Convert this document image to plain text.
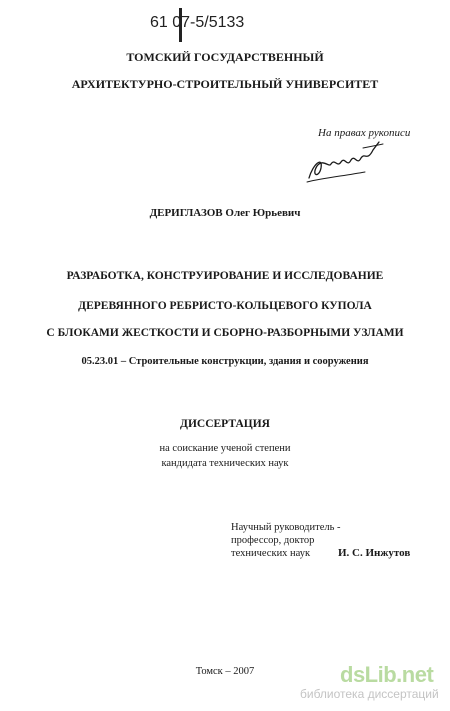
61 07-5/5133
ТОМСКИЙ ГОСУДАРСТВЕННЫЙ
АРХИТЕКТУРНО-СТРОИТЕЛЬНЫЙ УНИВЕРСИТЕТ
На правах рукописи
ДЕРИГЛАЗОВ Олег Юрьевич
РАЗРАБОТКА, КОНСТРУИРОВАНИЕ И ИССЛЕДОВАНИЕ
ДЕРЕВЯННОГО РЕБРИСТО-КОЛЬЦЕВОГО КУПОЛА
С БЛОКАМИ ЖЕСТКОСТИ И СБОРНО-РАЗБОРНЫМИ УЗЛАМИ
05.23.01 – Строительные конструкции, здания и сооружения
ДИССЕРТАЦИЯ
на соискание ученой степени
кандидата технических наук
Научный руководитель -
профессор, доктор
технических наук	И. С. Инжутов
Томск – 2007	dsLib.net
библиотека диссертаций
